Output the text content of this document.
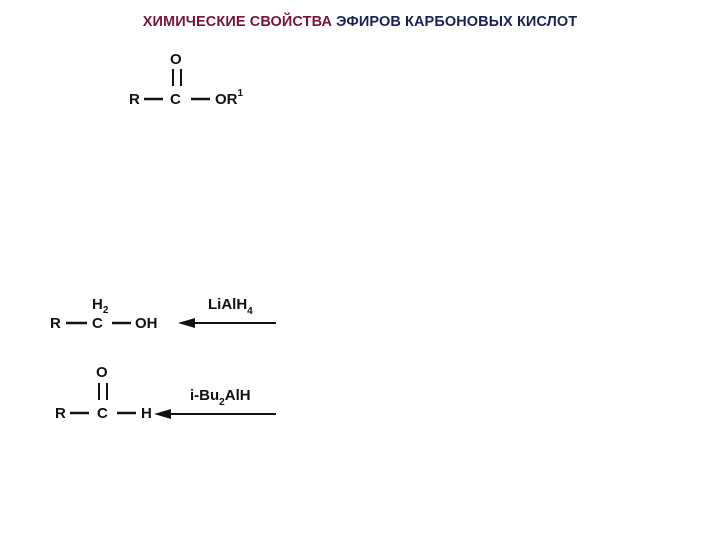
ХИМИЧЕСКИЕ СВОЙСТВА ЭФИРОВ КАРБОНОВЫХ КИСЛОТ
O
R C $OR^1$
$H_2$
R C OH
LiAlH$_4$
O
R C H
$i-Bu_2AlH$
